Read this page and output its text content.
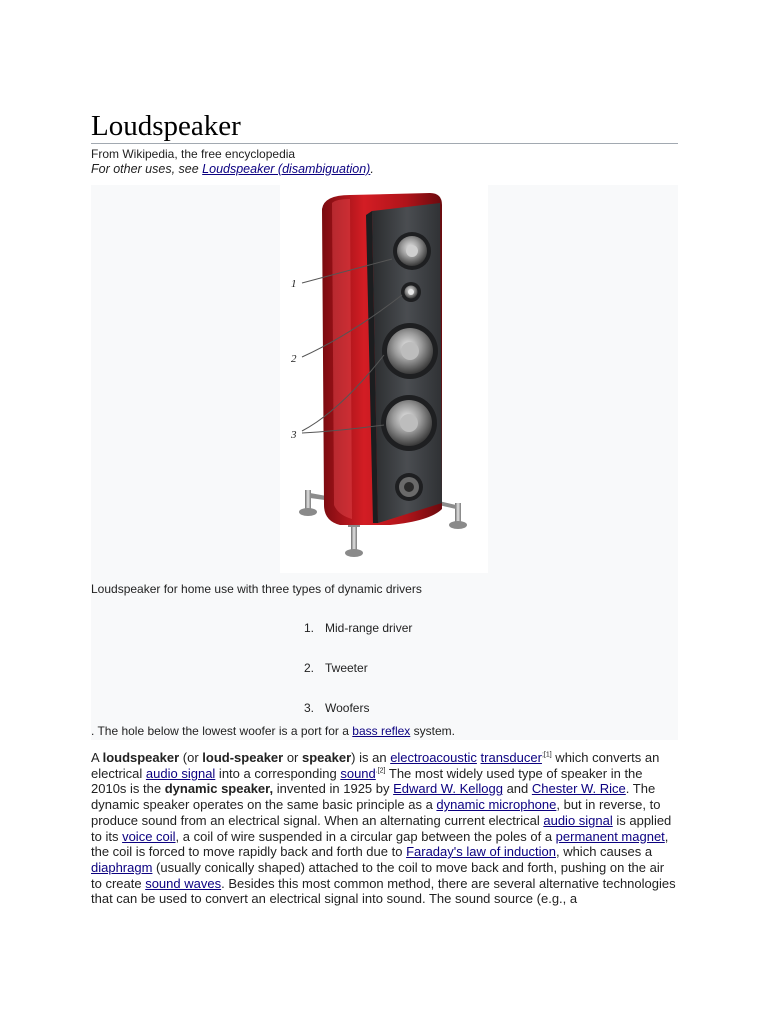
Loudspeaker
From Wikipedia, the free encyclopedia
For other uses, see Loudspeaker (disambiguation).
1
2
3
Loudspeaker for home use with three types of dynamic drivers
1. Mid-range driver
2. Tweeter
3. Woofers
. The hole below the lowest woofer is a port for a bass reflex system.

A loudspeaker (or loud-speaker or speaker) is an electroacoustic transducer$^{;[1]}$ which converts an electrical audio signal into a corresponding sound$^{.[2]}$ The most widely used type of speaker in the 2010s is the dynamic speaker, invented in 1925 by Edward W. Kellogg and Chester W. Rice. The dynamic speaker operates on the same basic principle as a dynamic microphone, but in reverse, to produce sound from an electrical signal. When an alternating current electrical audio signal is applied to its voice coil, a coil of wire suspended in a circular gap between the poles of a permanent magnet, the coil is forced to move rapidly back and forth due to Faraday's law of induction, which causes a diaphragm (usually conically shaped) attached to the coil to move back and forth, pushing on the air to create sound waves. Besides this most common method, there are several alternative technologies that can be used to convert an electrical signal into sound. The sound source (e.g., a
